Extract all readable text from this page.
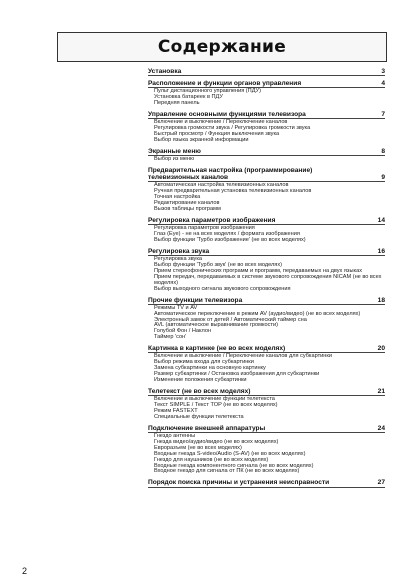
Содержание
Установка	3
Расположение и функции органов управления	4
Пульт дистанционного управления (ПДУ)
Установка батареек в ПДУ
Передняя панель
Управление основными функциями телевизора	7
Включение и выключение / Переключение каналов
Регулировка громкости звука / Регулировка громкости звука
Быстрый просмотр / Функция выключения звука
Выбор языка экранной информации
Экранные меню	8
Выбор из меню
Предварительная настройка (программирование)
телевизионных каналов	9
Автоматическая настройка телевизионных каналов
Ручная предварительная установка телевизионных каналов
Точная настройка
Редактирование каналов
Вызов таблицы программ
Регулировка параметров изображения	14
Регулировка параметров изображения
Глаз (Eye) - не на всех моделях / формата изображения
Выбор функции 'Турбо изображение' (не во всех моделях)
Регулировка звука	16
Регулировка звука
Выбор функции 'Турбо звук' (не во всех моделях)
Прием стереофонических программ и программ, передаваемых на двух языках
Прием передач, передаваемых в системе звукового сопровождения NICAM (не во всех моделях)
Выбор выходного сигнала звукового сопровождения
Прочие функции телевизора	18
Режимы TV и AV
Автоматическое переключение в режим AV (аудио/видео) (не во всех моделях)
Электронный замок от детей / Автоматический таймер сна
AVL (автоматическое выравнивание громкости)
Голубой Фон / Наклон
Таймер 'сон'
Картинка в картинке (не во всех моделях)	20
Включение и выключение / Переключение каналов для субкартинки
Выбор режима входа для субкартинки
Замена субкартинки на основную картинку
Размер субкартинки / Остановка изображения для субкартинки
Изменение положения субкартинки
Телетекст (не во всех моделях)	21
Включение и выключение функции телетекста
Текст SIMPLE / Текст TOP (не во всех моделях)
Режим FASTEXT
Специальные функции телетекста
Подключение внешней аппаратуры	24
Гнездо антенны
Гнезда видео/аудио/видео (не во всех моделях)
Еврорaзъем (не во всех моделях)
Входные гнезда S-video/Audio (S-AV) (не во всех моделях)
Гнездо для наушников (не во всех моделях)
Входные гнезда компонентного сигнала (не во всех моделях)
Входное гнездо для сигнала от ПК (не во всех моделях)
Порядок поиска причины и устранения неисправности	27
2
